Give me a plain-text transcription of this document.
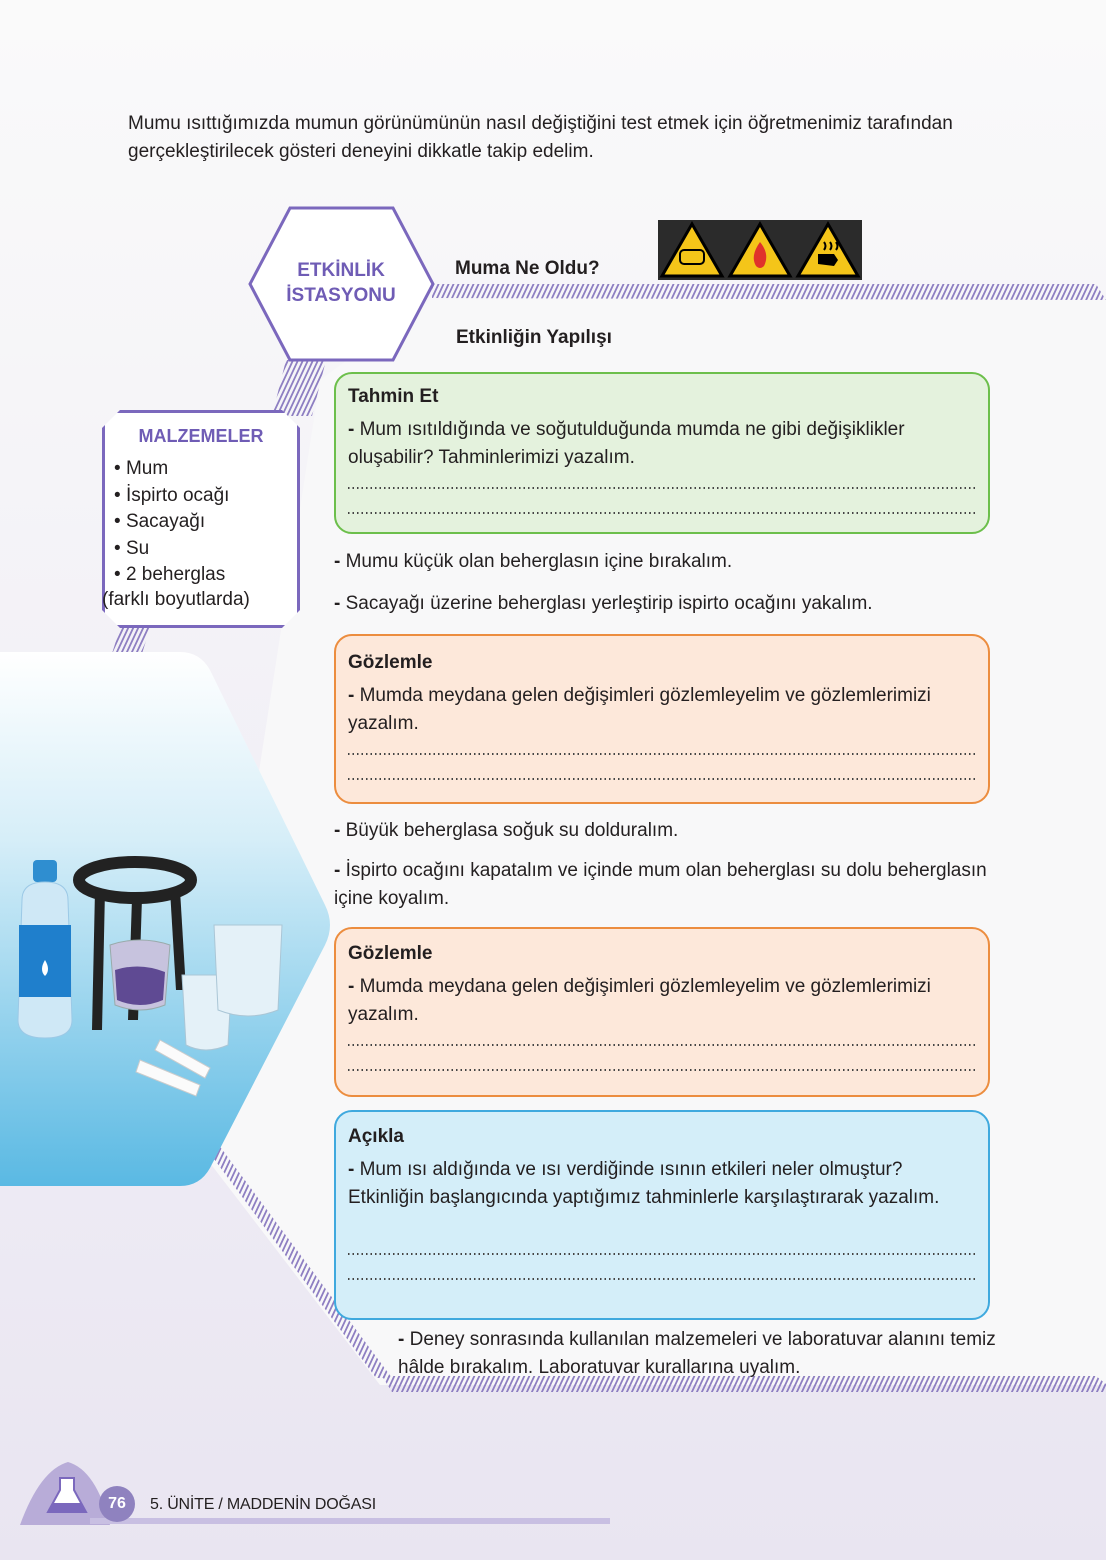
Mumu ısıttığımızda mumun görünümünün nasıl değiştiğini test etmek için öğretmenimiz tarafından gerçekleştirilecek gösteri deneyini dikkatle takip edelim.
ETKİNLİK
İSTASYONU
Muma Ne Oldu?
Etkinliğin Yapılışı
MALZEMELER
• Mum
• İspirto ocağı
• Sacayağı
• Su
• 2 beherglas
(farklı boyutlarda)
Tahmin Et
- Mum ısıtıldığında ve soğutulduğunda mumda ne gibi değişiklikler oluşabilir? Tahminlerimizi yazalım.
- Mumu küçük olan beherglasın içine bırakalım.
- Sacayağı üzerine beherglası yerleştirip ispirto ocağını yakalım.
Gözlemle
- Mumda meydana gelen değişimleri gözlemleyelim ve gözlemlerimizi yazalım.
- Büyük beherglasa soğuk su dolduralım.
- İspirto ocağını kapatalım ve içinde mum olan beherglası su dolu beherglasın içine koyalım.
Gözlemle
- Mumda meydana gelen değişimleri gözlemleyelim ve gözlemlerimizi yazalım.
Açıkla
- Mum ısı aldığında ve ısı verdiğinde ısının etkileri neler olmuştur? Etkinliğin başlangıcında yaptığımız tahminlerle karşılaştırarak yazalım.
- Deney sonrasında kullanılan malzemeleri ve laboratuvar alanını temiz hâlde bırakalım. Laboratuvar kurallarına uyalım.
76	5. ÜNİTE / MADDENİN DOĞASI
